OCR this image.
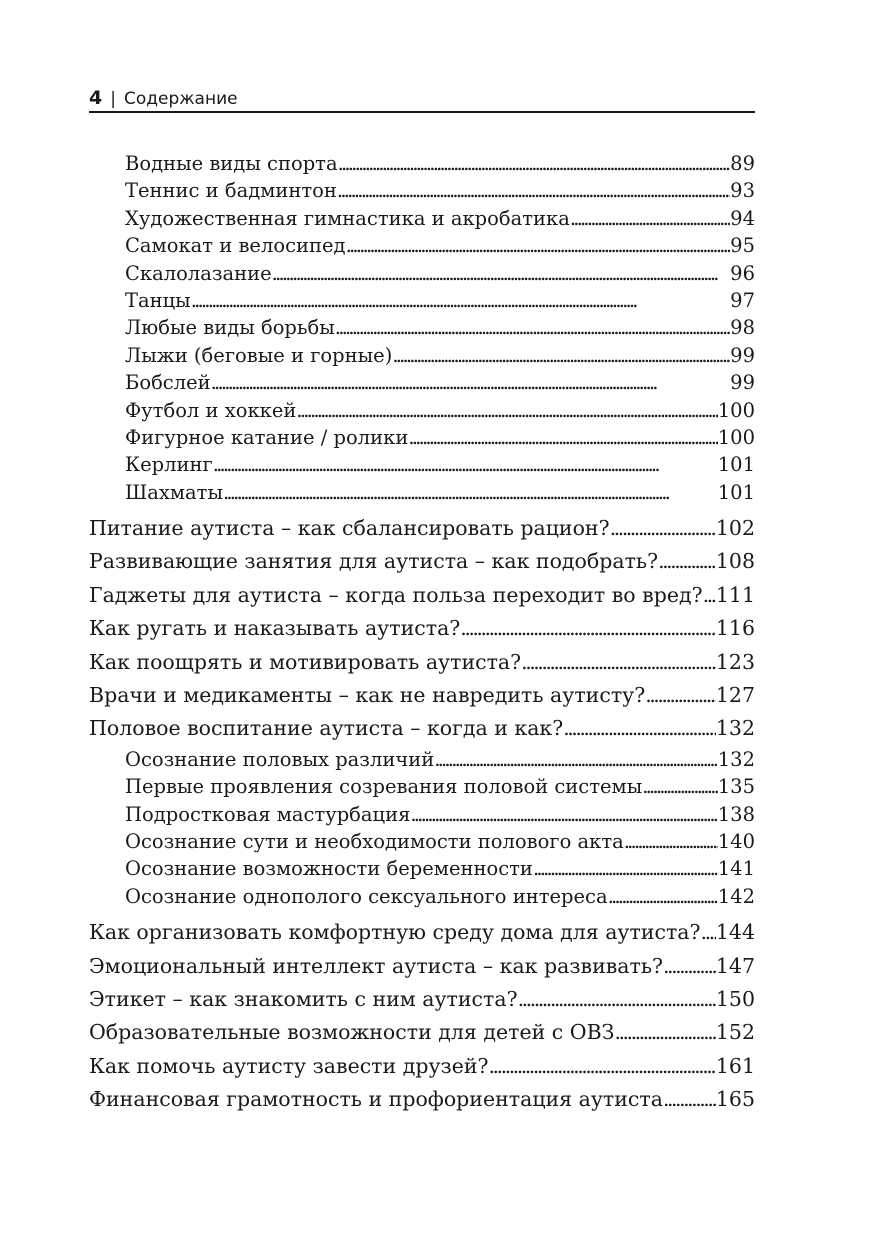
4 | Содержание
Водные виды спорта . . .	89
Теннис и бадминтон . . .	93
Художественная гимнастика и акробатика . . .	94
Самокат и велосипед . . .	95
Скалолазание . . .	96
Танцы . . .	97
Любые виды борьбы . . .	98
Лыжи (беговые и горные) . . .	99
Бобслей . . .	99
Футбол и хоккей . . .	100
Фигурное катание / ролики . . .	100
Керлинг . . .	101
Шахматы . . .	101
Питание аутиста – как сбалансировать рацион? . . .	102
Развивающие занятия для аутиста – как подобрать? . . .	108
Гаджеты для аутиста – когда польза переходит во вред? . . . 111
Как ругать и наказывать аутиста? . . .	116
Как поощрять и мотивировать аутиста? . . .	123
Врачи и медикаменты – как не навредить аутисту? . . .	127
Половое воспитание аутиста – когда и как? . . .	132
Осознание половых различий . . .	132
Первые проявления созревания половой системы . . .	135
Подростковая мастурбация . . .	138
Осознание сути и необходимости полового акта . . .	140
Осознание возможности беременности . . .	141
Осознание однополого сексуального интереса . . .	142
Как организовать комфортную среду дома для аутиста? . . . 144
Эмоциональный интеллект аутиста – как развивать? . . .	147
Этикет – как знакомить с ним аутиста? . . .	150
Образовательные возможности для детей с ОВЗ . . .	152
Как помочь аутисту завести друзей? . . .	161
Финансовая грамотность и профориентация аутиста . . .	165
